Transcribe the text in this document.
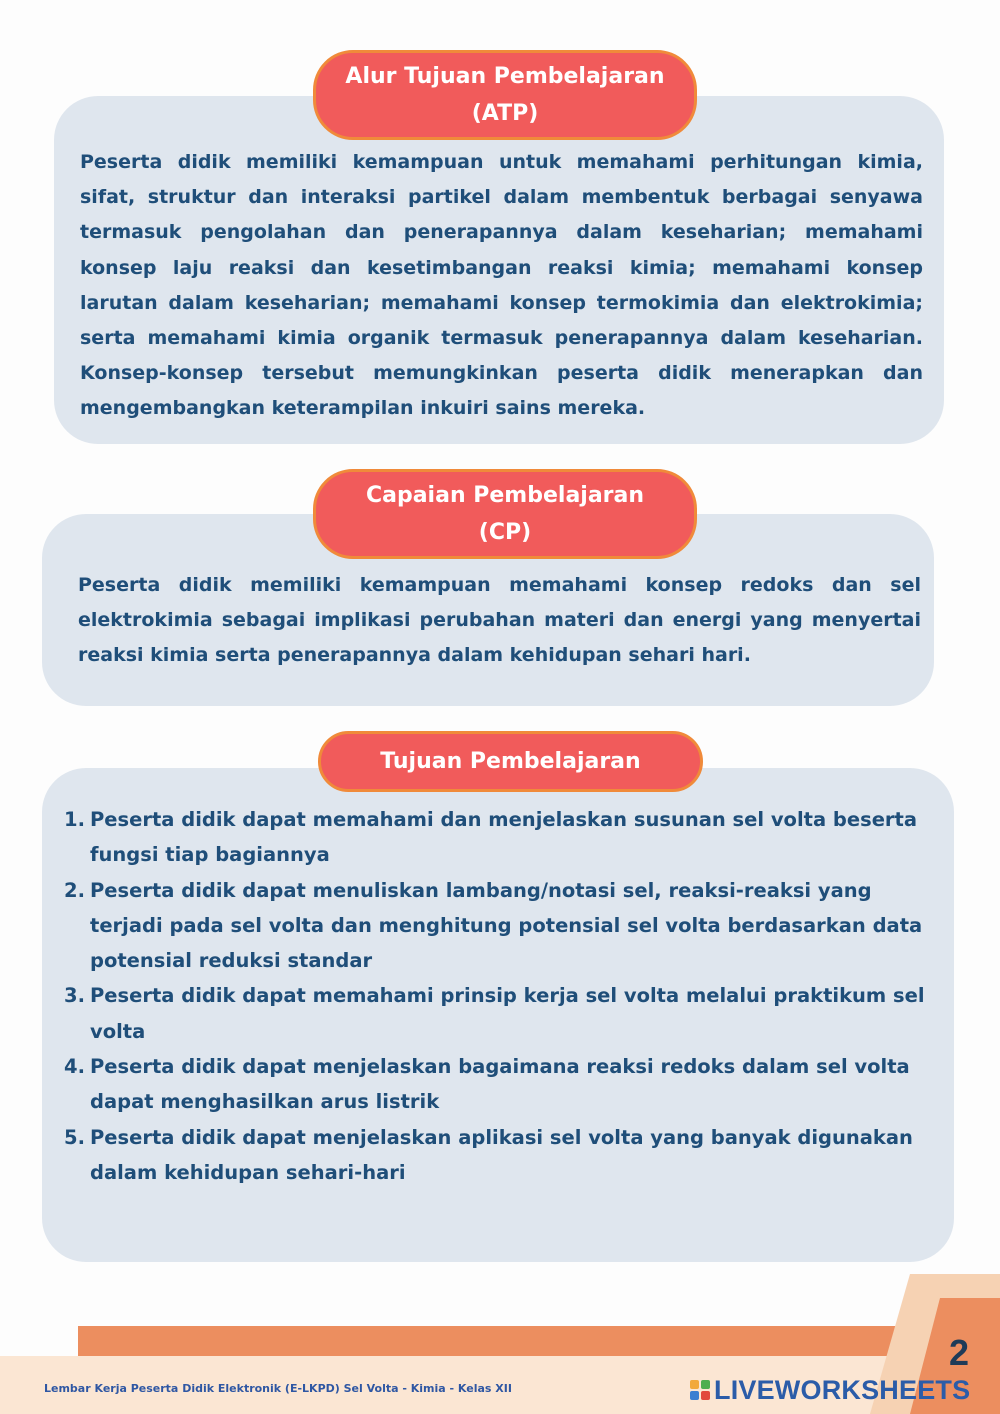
Alur Tujuan Pembelajaran
(ATP)

Peserta didik memiliki kemampuan untuk memahami perhitungan kimia, sifat, struktur dan interaksi partikel dalam membentuk berbagai senyawa termasuk pengolahan dan penerapannya dalam keseharian; memahami konsep laju reaksi dan kesetimbangan reaksi kimia; memahami konsep larutan dalam keseharian; memahami konsep termokimia dan elektrokimia; serta memahami kimia organik termasuk penerapannya dalam keseharian. Konsep-konsep tersebut memungkinkan peserta didik menerapkan dan mengembangkan keterampilan inkuiri sains mereka.

Capaian Pembelajaran
(CP)

Peserta didik memiliki kemampuan memahami konsep redoks dan sel elektrokimia sebagai implikasi perubahan materi dan energi yang menyertai reaksi kimia serta penerapannya dalam kehidupan sehari hari.

Tujuan Pembelajaran
1. Peserta didik dapat memahami dan menjelaskan susunan sel volta beserta fungsi tiap bagiannya
2. Peserta didik dapat menuliskan lambang/notasi sel, reaksi-reaksi yang terjadi pada sel volta dan menghitung potensial sel volta berdasarkan data potensial reduksi standar
3. Peserta didik dapat memahami prinsip kerja sel volta melalui praktikum sel volta
4. Peserta didik dapat menjelaskan bagaimana reaksi redoks dalam sel volta dapat menghasilkan arus listrik
5. Peserta didik dapat menjelaskan aplikasi sel volta yang banyak digunakan dalam kehidupan sehari-hari
2
Lembar Kerja Peserta Didik Elektronik (E-LKPD) Sel Volta - Kimia - Kelas XII	LIVEWORKSHEETS
